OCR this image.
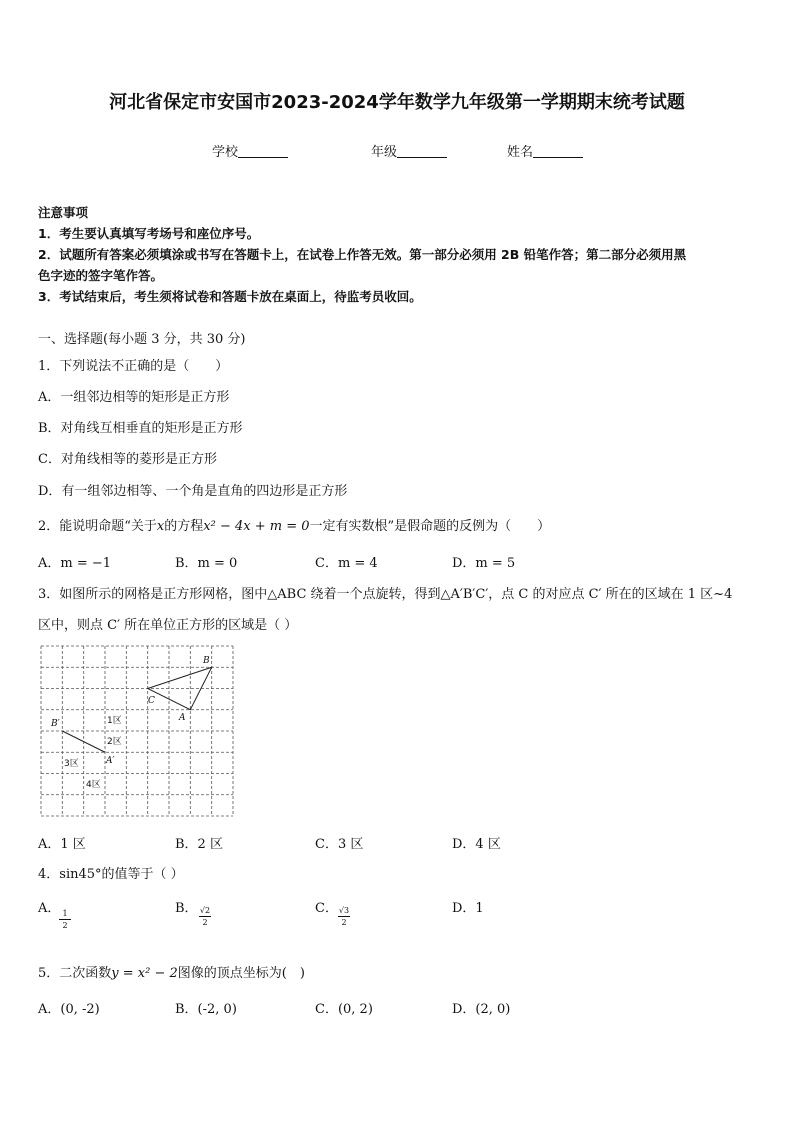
河北省保定市安国市2023-2024学年数学九年级第一学期期末统考试题
学校	年级	姓名
注意事项
1．考生要认真填写考场号和座位序号。
2．试题所有答案必须填涂或书写在答题卡上，在试卷上作答无效。第一部分必须用 2B 铅笔作答；第二部分必须用黑
色字迹的签字笔作答。
3．考试结束后，考生须将试卷和答题卡放在桌面上，待监考员收回。
一、选择题(每小题 3 分，共 30 分)
1．下列说法不正确的是（　　）
A．一组邻边相等的矩形是正方形
B．对角线互相垂直的矩形是正方形
C．对角线相等的菱形是正方形
D．有一组邻边相等、一个角是直角的四边形是正方形
2．能说明命题“关于x的方程x² − 4x + m = 0一定有实数根”是假命题的反例为（　　）
A．m = −1	B．m = 0	C．m = 4	D．m = 5
3．如图所示的网格是正方形网格，图中△ABC 绕着一个点旋转，得到△A′B′C′，点 C 的对应点 C′ 所在的区域在 1 区~4
区中，则点 C′ 所在单位正方形的区域是（ ）
B
C
A
B′
A′
1区
2区
3区
4区
A．1 区	B．2 区	C．3 区	D．4 区
4．sin45°的值等于（ ）
A． 1
2
B． √2
2
C． √3
2
D．1
5．二次函数y = x² − 2图像的顶点坐标为(　)
A．(0, -2)	B．(-2, 0)	C．(0, 2)	D．(2, 0)
